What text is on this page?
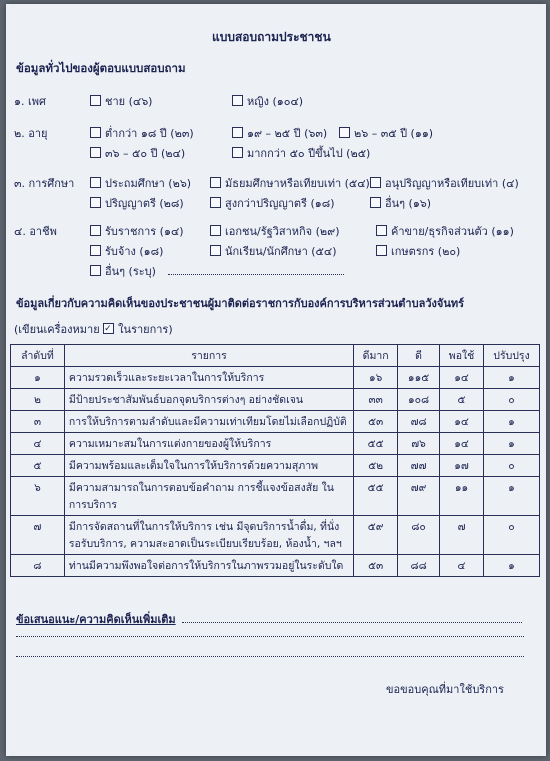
แบบสอบถามประชาชน
ข้อมูลทั่วไปของผู้ตอบแบบสอบถาม
๑. เพศ	ชาย (๔๖)	หญิง (๑๐๔)
๒. อายุ	ต่ำกว่า ๑๘ ปี (๒๓)	๑๙ – ๒๕ ปี (๖๓)	๒๖ – ๓๕ ปี (๑๑)
๓๖ – ๕๐ ปี (๒๔)	มากกว่า ๕๐ ปีขึ้นไป (๒๕)
๓. การศึกษา	ประถมศึกษา (๒๖)	มัธยมศึกษาหรือเทียบเท่า (๕๔)	อนุปริญญาหรือเทียบเท่า (๔)
ปริญญาตรี (๒๘)	สูงกว่าปริญญาตรี (๑๘)	อื่นๆ (๑๖)
๔. อาชีพ	รับราชการ (๑๔)	เอกชน/รัฐวิสาหกิจ (๒๙)	ค้าขาย/ธุรกิจส่วนตัว (๑๑)
รับจ้าง (๑๘)	นักเรียน/นักศึกษา (๕๔)	เกษตรกร (๒๐)
อื่นๆ (ระบุ)
ข้อมูลเกี่ยวกับความคิดเห็นของประชาชนผู้มาติดต่อราชการกับองค์การบริหารส่วนตำบลวังจันทร์
(เขียนเครื่องหมาย ✓ ในรายการ)
ลำดับที่	รายการ	ดีมาก	ดี	พอใช้	ปรับปรุง
๑	ความรวดเร็วและระยะเวลาในการให้บริการ	๑๖	๑๑๕	๑๔	๑
๒	มีป้ายประชาสัมพันธ์บอกจุดบริการต่างๆ อย่างชัดเจน	๓๓	๑๐๘	๕	๐
๓	การให้บริการตามลำดับและมีความเท่าเทียมโดยไม่เลือกปฏิบัติ	๕๓	๗๘	๑๔	๑
๔	ความเหมาะสมในการแต่งกายของผู้ให้บริการ	๕๕	๗๖	๑๔	๑
๕	มีความพร้อมและเต็มใจในการให้บริการด้วยความสุภาพ	๕๒	๗๗	๑๗	๐
๖	มีความสามารถในการตอบข้อคำถาม การชี้แจงข้อสงสัย ในการบริการ	๕๕	๗๙	๑๑	๑
๗	มีการจัดสถานที่ในการให้บริการ เช่น มีจุดบริการน้ำดื่ม, ที่นั่งรอรับบริการ, ความสะอาดเป็นระเบียบเรียบร้อย, ห้องน้ำ, ฯลฯ	๕๙	๘๐	๗	๐
๘	ท่านมีความพึงพอใจต่อการให้บริการในภาพรวมอยู่ในระดับใด	๕๓	๘๘	๔	๑
ข้อเสนอแนะ/ความคิดเห็นเพิ่มเติม
ขอขอบคุณที่มาใช้บริการ
